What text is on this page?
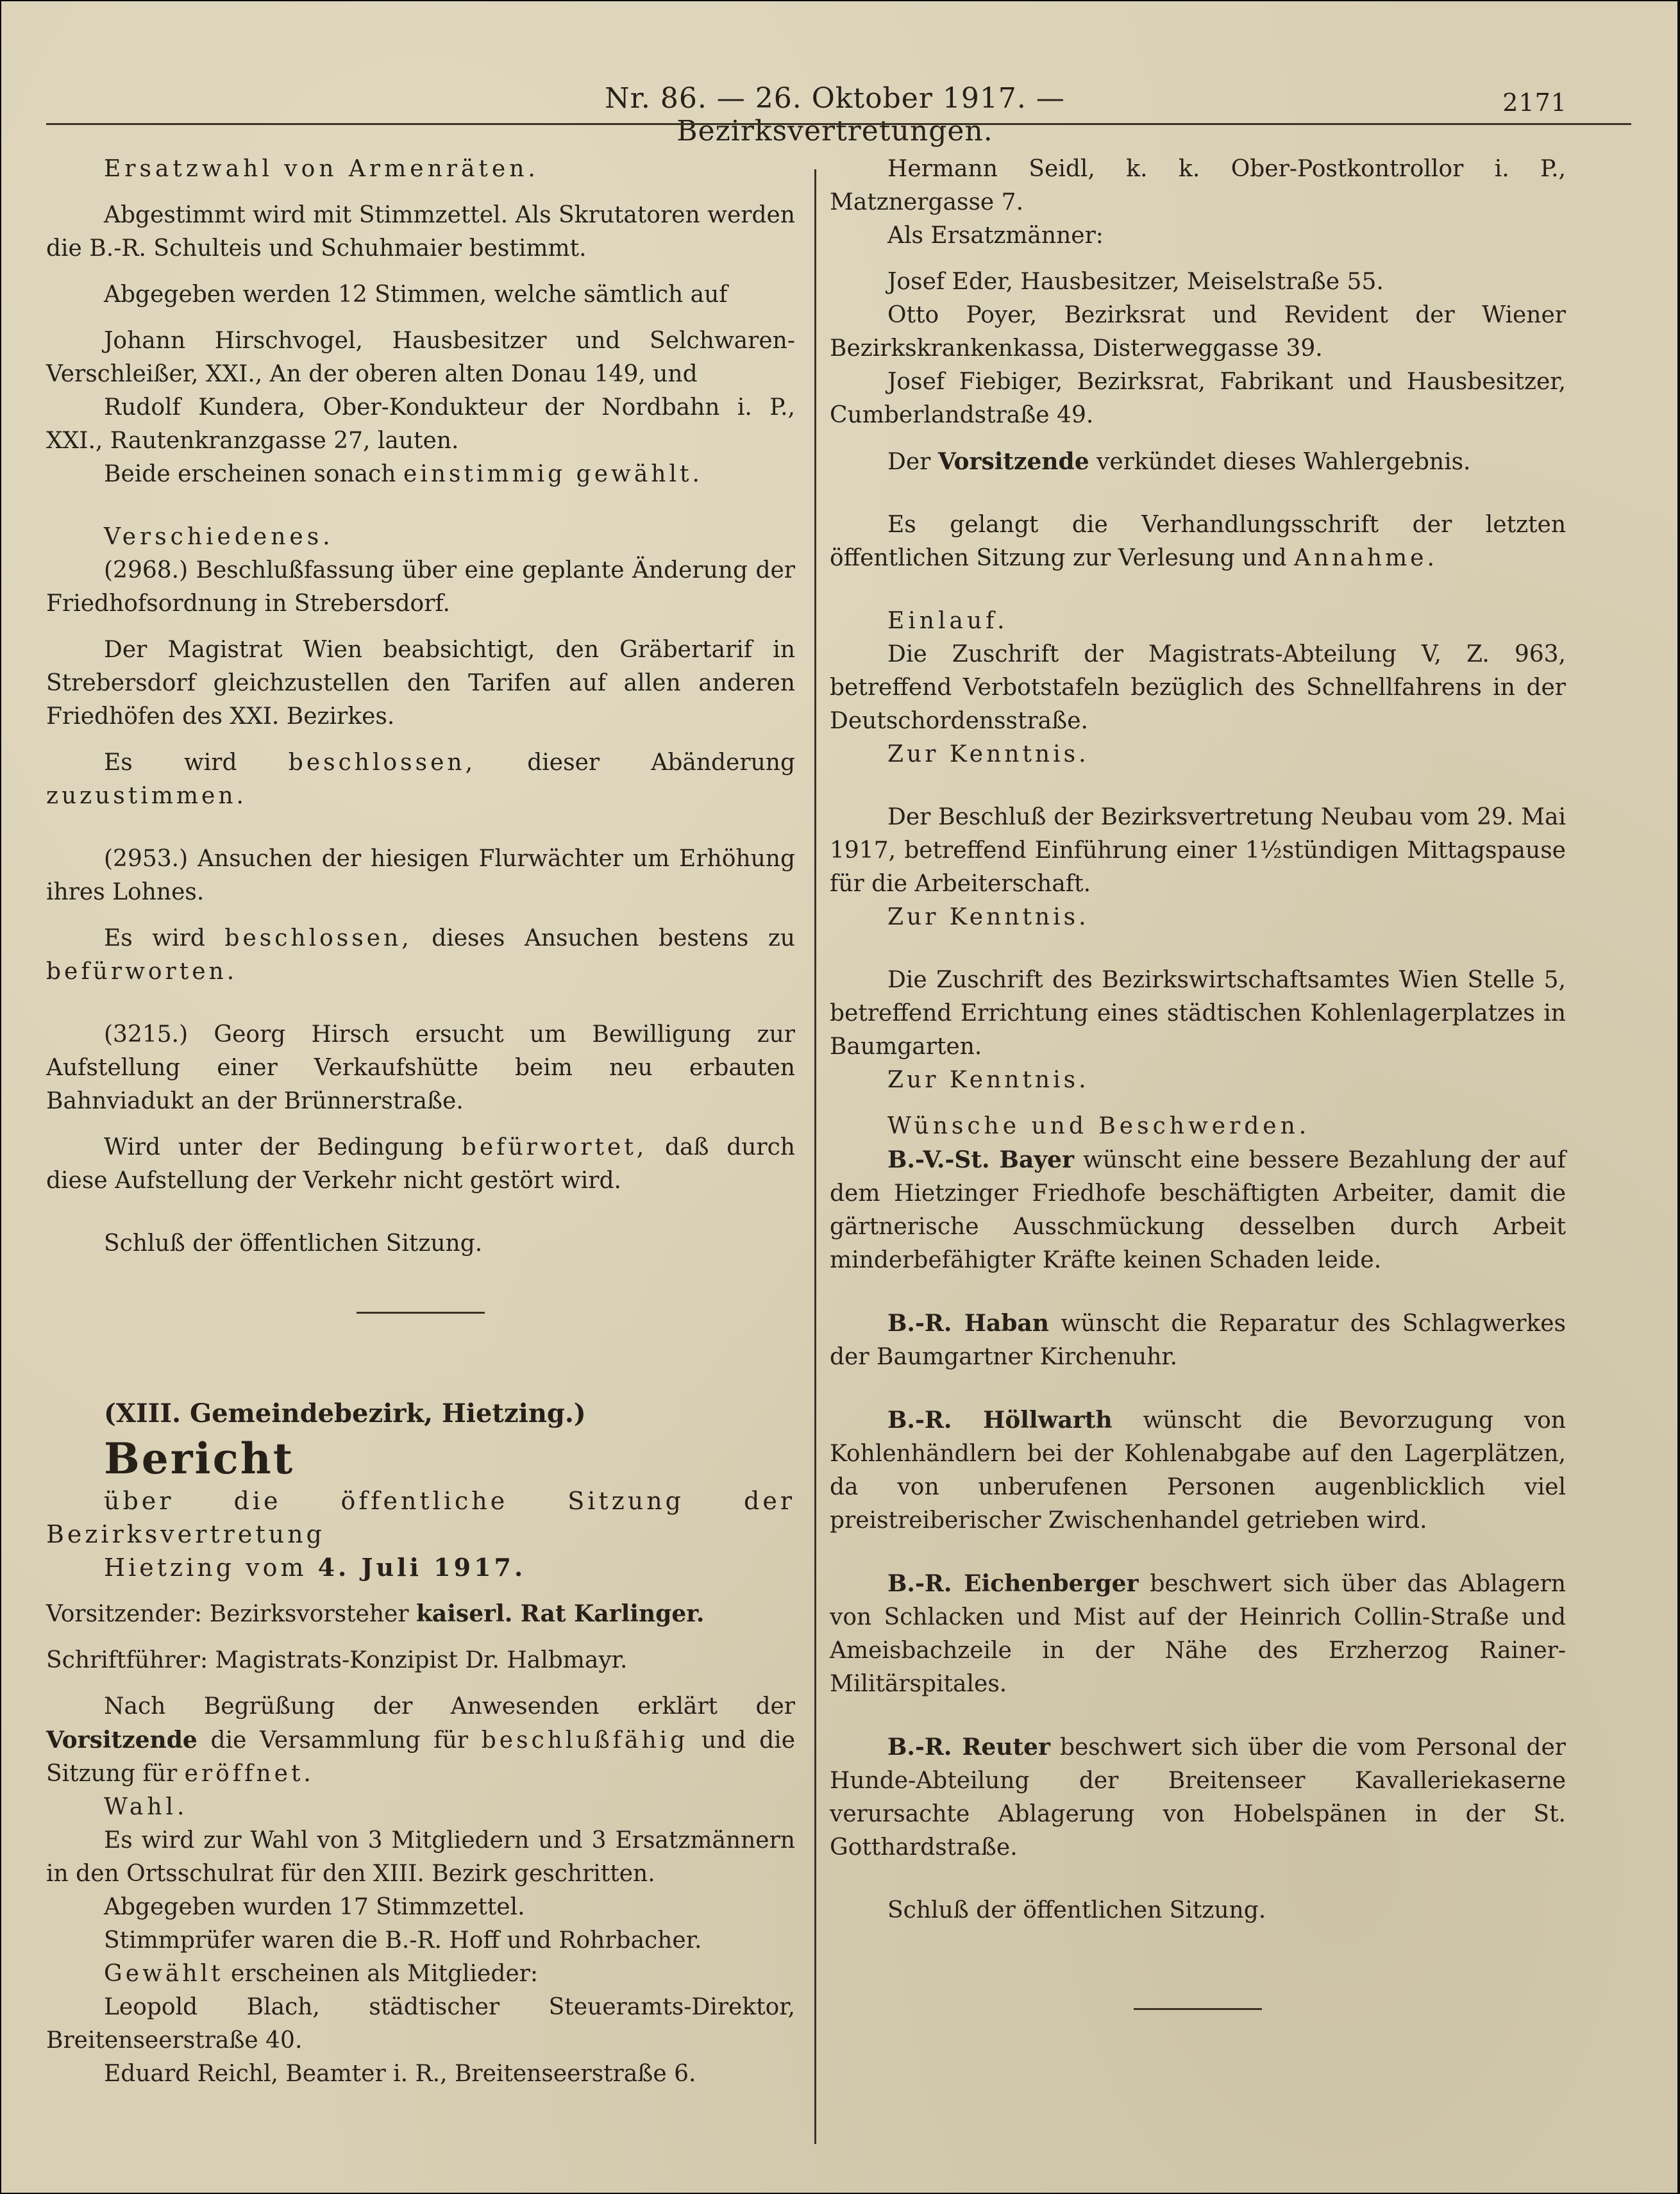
Nr. 86. — 26. Oktober 1917. — Bezirksvertretungen.
2171

Ersatzwahl von Armenräten.

Abgestimmt wird mit Stimmzettel. Als Skrutatoren werden die B.-R. Schulteis und Schuhmaier bestimmt.

Abgegeben werden 12 Stimmen, welche sämtlich auf

Johann Hirschvogel, Hausbesitzer und Selchwaren-Verschleißer, XXI., An der oberen alten Donau 149, und

Rudolf Kundera, Ober-Kondukteur der Nordbahn i. P., XXI., Rautenkranzgasse 27, lauten.

Beide erscheinen sonach einstimmig gewählt.

Verschiedenes.

(2968.) Beschlußfassung über eine geplante Änderung der Friedhofsordnung in Strebersdorf.

Der Magistrat Wien beabsichtigt, den Gräbertarif in Strebersdorf gleichzustellen den Tarifen auf allen anderen Friedhöfen des XXI. Bezirkes.

Es wird beschlossen, dieser Abänderung zuzustimmen.

(2953.) Ansuchen der hiesigen Flurwächter um Erhöhung ihres Lohnes.

Es wird beschlossen, dieses Ansuchen bestens zu befürworten.

(3215.) Georg Hirsch ersucht um Bewilligung zur Aufstellung einer Verkaufshütte beim neu erbauten Bahnviadukt an der Brünnerstraße.

Wird unter der Bedingung befürwortet, daß durch diese Aufstellung der Verkehr nicht gestört wird.

Schluß der öffentlichen Sitzung.

(XIII. Gemeindebezirk, Hietzing.)

Bericht

über die öffentliche Sitzung der Bezirksvertretung

Hietzing vom 4. Juli 1917.

Vorsitzender: Bezirksvorsteher kaiserl. Rat Karlinger.

Schriftführer: Magistrats-Konzipist Dr. Halbmayr.

Nach Begrüßung der Anwesenden erklärt der Vorsitzende die Versammlung für beschlußfähig und die Sitzung für eröffnet.

Wahl.

Es wird zur Wahl von 3 Mitgliedern und 3 Ersatzmännern in den Ortsschulrat für den XIII. Bezirk geschritten.

Abgegeben wurden 17 Stimmzettel.

Stimmprüfer waren die B.-R. Hoff und Rohrbacher.

Gewählt erscheinen als Mitglieder:

Leopold Blach, städtischer Steueramts-Direktor, Breitenseerstraße 40.

Eduard Reichl, Beamter i. R., Breitenseerstraße 6.

Hermann Seidl, k. k. Ober-Postkontrollor i. P., Matznergasse 7.

Als Ersatzmänner:

Josef Eder, Hausbesitzer, Meiselstraße 55.

Otto Poyer, Bezirksrat und Revident der Wiener Bezirkskrankenkassa, Disterweggasse 39.

Josef Fiebiger, Bezirksrat, Fabrikant und Hausbesitzer, Cumberlandstraße 49.

Der Vorsitzende verkündet dieses Wahlergebnis.

Es gelangt die Verhandlungsschrift der letzten öffentlichen Sitzung zur Verlesung und Annahme.

Einlauf.

Die Zuschrift der Magistrats-Abteilung V, Z. 963, betreffend Verbotstafeln bezüglich des Schnellfahrens in der Deutschordensstraße.

Zur Kenntnis.

Der Beschluß der Bezirksvertretung Neubau vom 29. Mai 1917, betreffend Einführung einer 1½stündigen Mittagspause für die Arbeiterschaft.

Zur Kenntnis.

Die Zuschrift des Bezirkswirtschaftsamtes Wien Stelle 5, betreffend Errichtung eines städtischen Kohlenlagerplatzes in Baumgarten.

Zur Kenntnis.

Wünsche und Beschwerden.

B.-V.-St. Bayer wünscht eine bessere Bezahlung der auf dem Hietzinger Friedhofe beschäftigten Arbeiter, damit die gärtnerische Ausschmückung desselben durch Arbeit minderbefähigter Kräfte keinen Schaden leide.

B.-R. Haban wünscht die Reparatur des Schlagwerkes der Baumgartner Kirchenuhr.

B.-R. Höllwarth wünscht die Bevorzugung von Kohlenhändlern bei der Kohlenabgabe auf den Lagerplätzen, da von unberufenen Personen augenblicklich viel preistreiberischer Zwischenhandel getrieben wird.

B.-R. Eichenberger beschwert sich über das Ablagern von Schlacken und Mist auf der Heinrich Collin-Straße und Ameisbachzeile in der Nähe des Erzherzog Rainer-Militärspitales.

B.-R. Reuter beschwert sich über die vom Personal der Hunde-Abteilung der Breitenseer Kavalleriekaserne verursachte Ablagerung von Hobelspänen in der St. Gotthardstraße.

Schluß der öffentlichen Sitzung.
